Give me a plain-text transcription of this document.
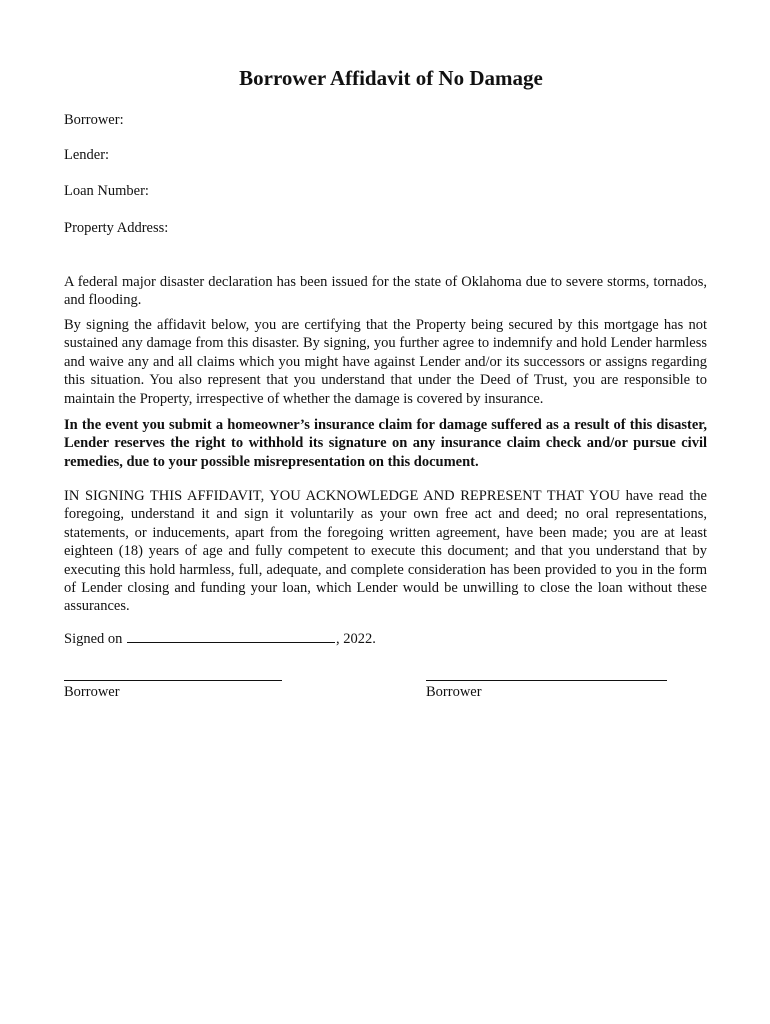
Borrower Affidavit of No Damage

Borrower:

Lender:

Loan Number:

Property Address:

A federal major disaster declaration has been issued for the state of Oklahoma due to severe storms, tornados, and flooding.

By signing the affidavit below, you are certifying that the Property being secured by this mortgage has not sustained any damage from this disaster. By signing, you further agree to indemnify and hold Lender harmless and waive any and all claims which you might have against Lender and/or its successors or assigns regarding this situation. You also represent that you understand that under the Deed of Trust, you are responsible to maintain the Property, irrespective of whether the damage is covered by insurance.

In the event you submit a homeowner’s insurance claim for damage suffered as a result of this disaster, Lender reserves the right to withhold its signature on any insurance claim check and/or pursue civil remedies, due to your possible misrepresentation on this document.

IN SIGNING THIS AFFIDAVIT, YOU ACKNOWLEDGE AND REPRESENT THAT YOU have read the foregoing, understand it and sign it voluntarily as your own free act and deed; no oral representations, statements, or inducements, apart from the foregoing written agreement, have been made; you are at least eighteen (18) years of age and fully competent to execute this document; and that you understand that by executing this hold harmless, full, adequate, and complete consideration has been provided to you in the form of Lender closing and funding your loan, which Lender would be unwilling to close the loan without these assurances.

Signed on	, 2022.

Borrower	Borrower
